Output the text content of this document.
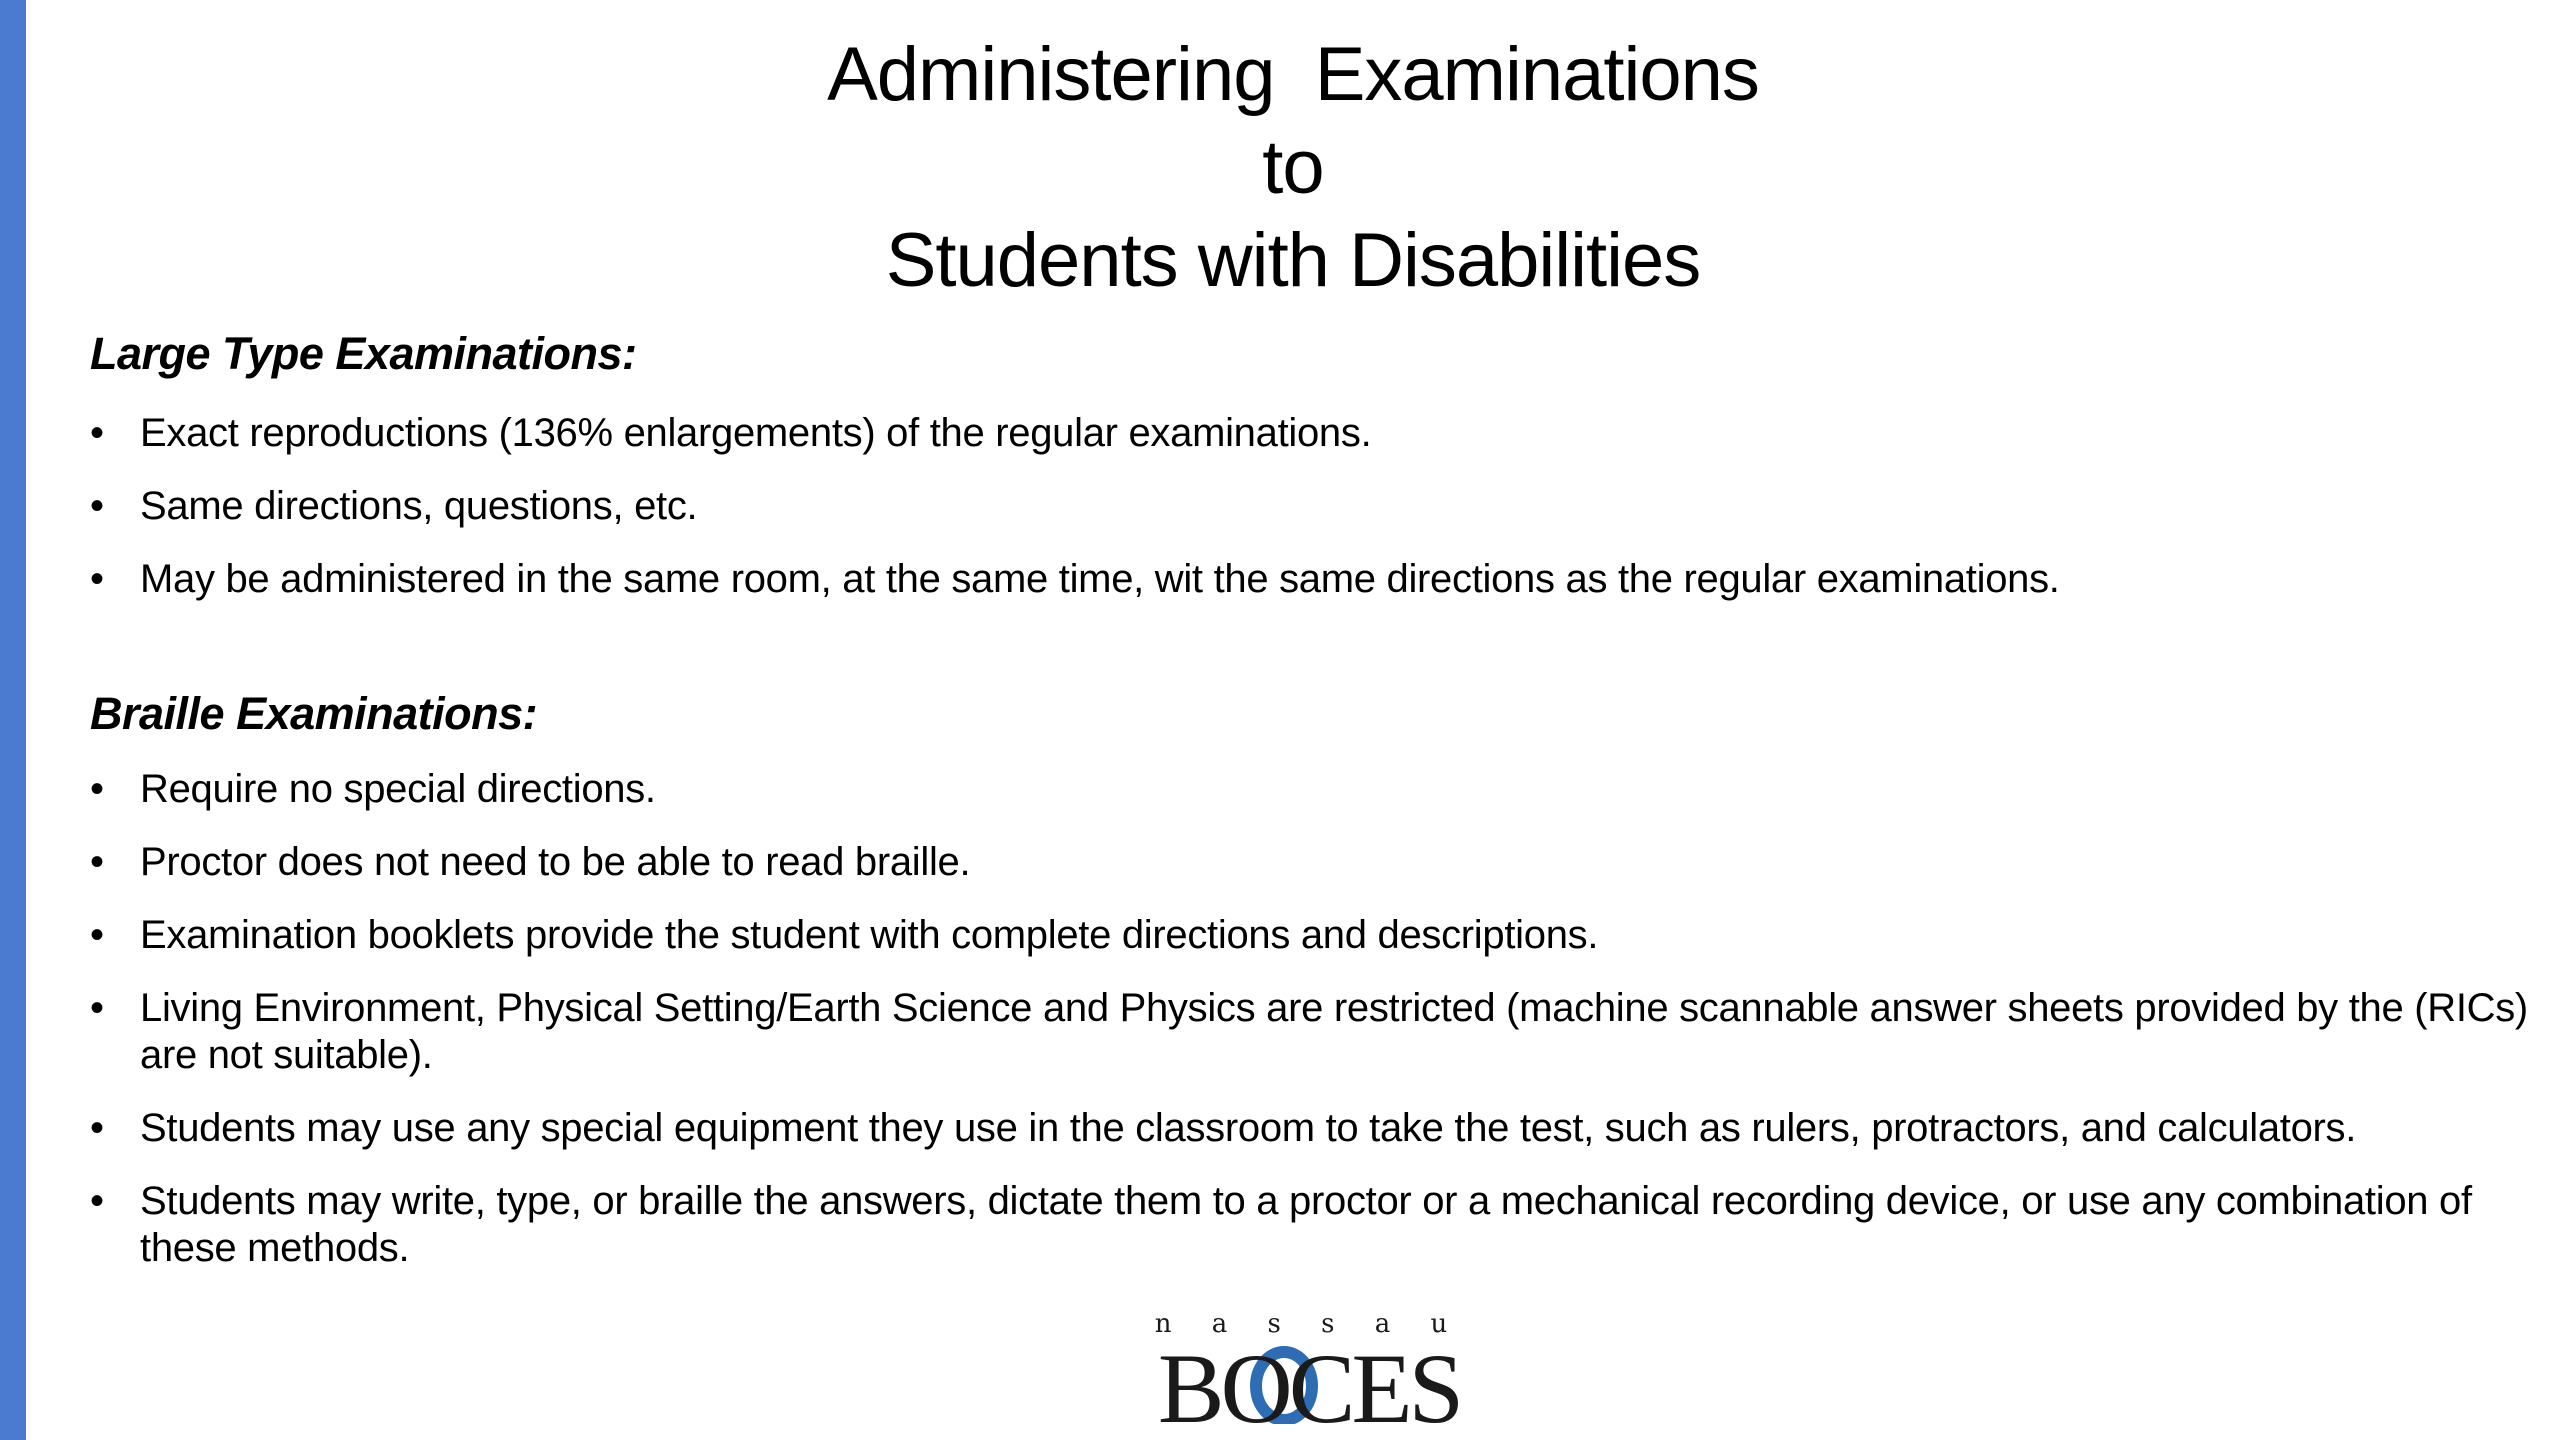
Administering  Examinations
to
Students with Disabilities
Large Type Examinations:
• Exact reproductions (136% enlargements) of the regular examinations.
• Same directions, questions, etc.
• May be administered in the same room, at the same time, wit the same directions as the regular examinations.
Braille Examinations:
• Require no special directions.
• Proctor does not need to be able to read braille.
• Examination booklets provide the student with complete directions and descriptions.
• Living Environment, Physical Setting/Earth Science and Physics are restricted (machine scannable answer sheets provided by the (RICs) are not suitable).
• Students may use any special equipment they use in the classroom to take the test, such as rulers, protractors, and calculators.
• Students may write, type, or braille the answers, dictate them to a proctor or a mechanical recording device, or use any combination of these methods.
n a s s a u
BOCES
